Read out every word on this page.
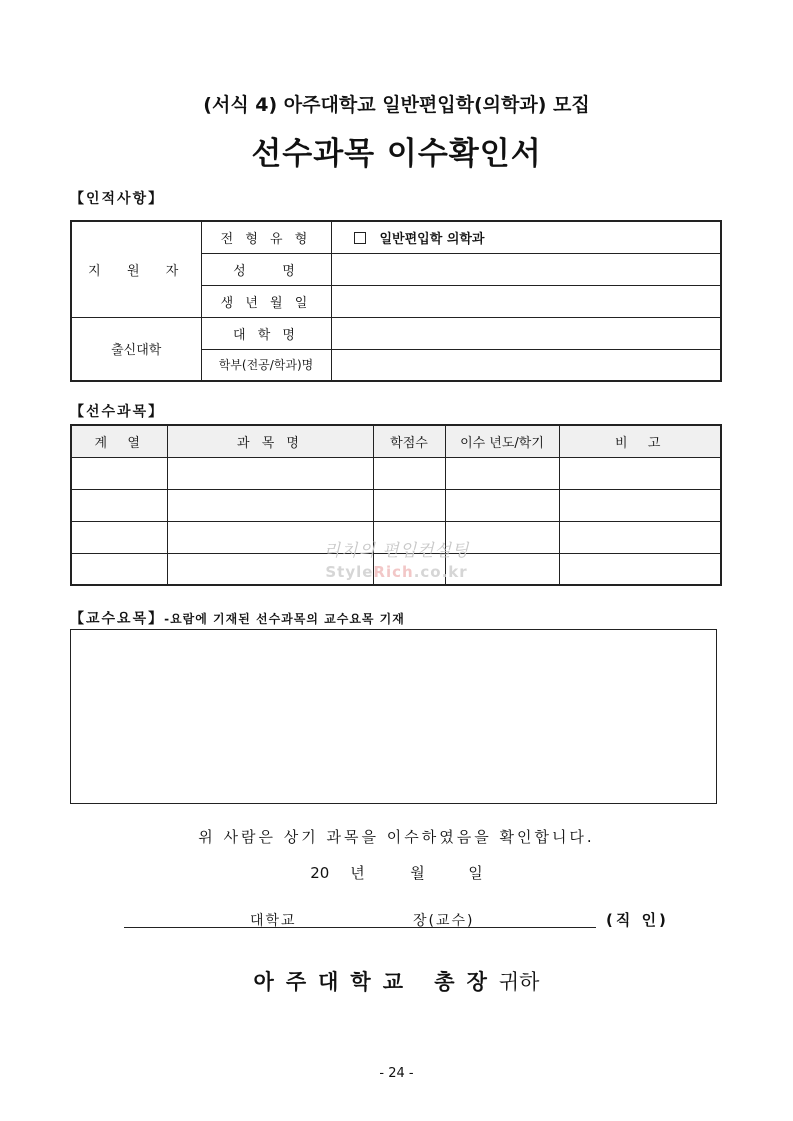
(서식 4) 아주대학교 일반편입학(의학과) 모집
선수과목 이수확인서
【인적사항】
지  원  자	전 형 유 형	일반편입학 의학과
	성    명	
	생 년 월 일	
출신대학	대 학 명	
	학부(전공/학과)명	
【선수과목】
계  열	과 목 명	학점수	이수 년도/학기	비  고

리치의 편입컨설팅
StyleRich.co.kr
【교수요목】-요람에 기재된 선수과목의 교수요목 기재
위 사람은 상기 과목을 이수하였음을 확인합니다.
20 년	월	일
대학교	장(교수)	(직 인)
아주대학교 총장귀하
- 24 -
